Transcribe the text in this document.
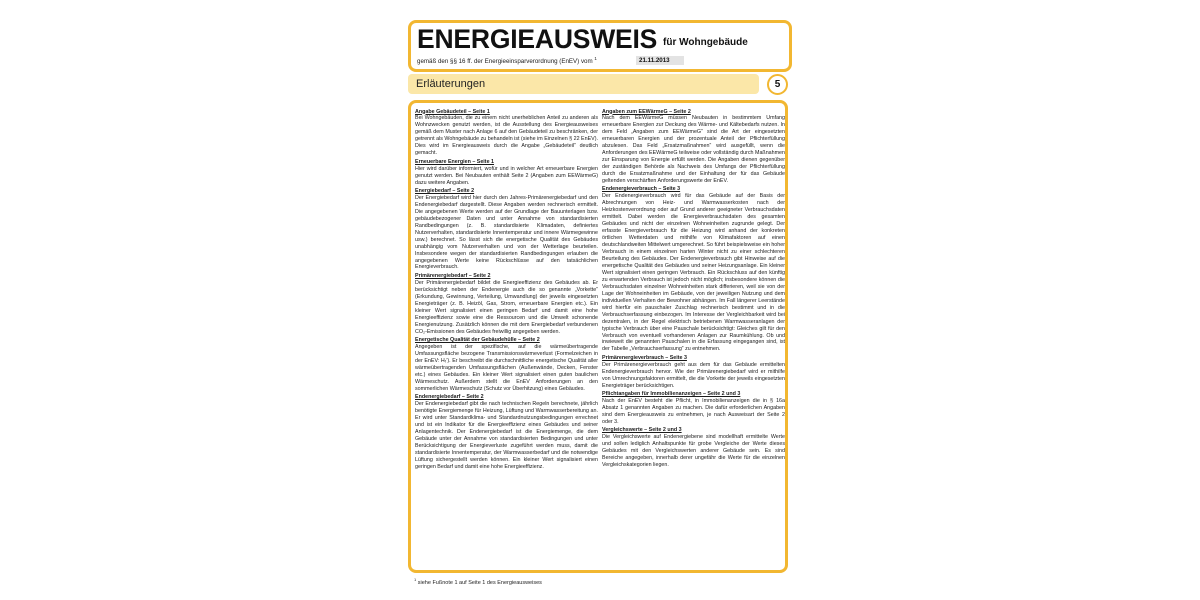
ENERGIEAUSWEIS für Wohngebäude
gemäß den §§ 16 ff. der Energieeinsparverordnung (EnEV) vom $^1$	21.11.2013
Erläuterungen	5
Angabe Gebäudeteil – Seite 1

Bei Wohngebäuden, die zu einem nicht unerheblichen Anteil zu anderen als Wohnzwecken genutzt werden, ist die Ausstellung des Energieausweises gemäß dem Muster nach Anlage 6 auf den Gebäudeteil zu beschränken, der getrennt als Wohngebäude zu behandeln ist (siehe im Einzelnen § 22 EnEV). Dies wird im Energieausweis durch die Angabe „Gebäudeteil“ deutlich gemacht.

Erneuerbare Energien – Seite 1

Hier wird darüber informiert, wofür und in welcher Art erneuerbare Energien genutzt werden. Bei Neubauten enthält Seite 2 (Angaben zum EEWärmeG) dazu weitere Angaben.

Energiebedarf – Seite 2

Der Energiebedarf wird hier durch den Jahres-Primärenergiebedarf und den Endenergiebedarf dargestellt. Diese Angaben werden rechnerisch ermittelt. Die angegebenen Werte werden auf der Grundlage der Bauunterlagen bzw. gebäudebezogener Daten und unter Annahme von standardisierten Randbedingungen (z. B. standardisierte Klimadaten, definiertes Nutzerverhalten, standardisierte Innentemperatur und innere Wärmegewinne usw.) berechnet. So lässt sich die energetische Qualität des Gebäudes unabhängig vom Nutzerverhalten und von der Wetterlage beurteilen. Insbesondere wegen der standardisierten Randbedingungen erlauben die angegebenen Werte keine Rückschlüsse auf den tatsächlichen Energieverbrauch.

Primärenergiebedarf – Seite 2

Der Primärenergiebedarf bildet die Energieeffizienz des Gebäudes ab. Er berücksichtigt neben der Endenergie auch die so genannte „Vorkette“ (Erkundung, Gewinnung, Verteilung, Umwandlung) der jeweils eingesetzten Energieträger (z. B. Heizöl, Gas, Strom, erneuerbare Energien etc.). Ein kleiner Wert signalisiert einen geringen Bedarf und damit eine hohe Energieeffizienz sowie eine die Ressourcen und die Umwelt schonende Energienutzung. Zusätzlich können die mit dem Energiebedarf verbundenen CO₂-Emissionen des Gebäudes freiwillig angegeben werden.

Energetische Qualität der Gebäudehülle – Seite 2

Angegeben ist der spezifische, auf die wärmeübertragende Umfassungsfläche bezogene Transmissionswärmeverlust (Formelzeichen in der EnEV: Hₜ′). Er beschreibt die durchschnittliche energetische Qualität aller wärmeübertragenden Umfassungsflächen (Außenwände, Decken, Fenster etc.) eines Gebäudes. Ein kleiner Wert signalisiert einen guten baulichen Wärmeschutz. Außerdem stellt die EnEV Anforderungen an den sommerlichen Wärmeschutz (Schutz vor Überhitzung) eines Gebäudes.

Endenergiebedarf – Seite 2

Der Endenergiebedarf gibt die nach technischen Regeln berechnete, jährlich benötigte Energiemenge für Heizung, Lüftung und Warmwasserbereitung an. Er wird unter Standardklima- und Standardnutzungsbedingungen errechnet und ist ein Indikator für die Energieeffizienz eines Gebäudes und seiner Anlagentechnik. Der Endenergiebedarf ist die Energiemenge, die dem Gebäude unter der Annahme von standardisierten Bedingungen und unter Berücksichtigung der Energieverluste zugeführt werden muss, damit die standardisierte Innentemperatur, der Warmwasserbedarf und die notwendige Lüftung sichergestellt werden können. Ein kleiner Wert signalisiert einen geringen Bedarf und damit eine hohe Energieeffizienz.

Angaben zum EEWärmeG – Seite 2

Nach dem EEWärmeG müssen Neubauten in bestimmtem Umfang erneuerbare Energien zur Deckung des Wärme- und Kältebedarfs nutzen. In dem Feld „Angaben zum EEWärmeG“ sind die Art der eingesetzten erneuerbaren Energien und der prozentuale Anteil der Pflichterfüllung abzulesen. Das Feld „Ersatzmaßnahmen“ wird ausgefüllt, wenn die Anforderungen des EEWärmeG teilweise oder vollständig durch Maßnahmen zur Einsparung von Energie erfüllt werden. Die Angaben dienen gegenüber der zuständigen Behörde als Nachweis des Umfangs der Pflichterfüllung durch die Ersatzmaßnahme und der Einhaltung der für das Gebäude geltenden verschärften Anforderungswerte der EnEV.

Endenergieverbrauch – Seite 3

Der Endenergieverbrauch wird für das Gebäude auf der Basis der Abrechnungen von Heiz- und Warmwasserkosten nach der Heizkostenverordnung oder auf Grund anderer geeigneter Verbrauchsdaten ermittelt. Dabei werden die Energieverbrauchsdaten des gesamten Gebäudes und nicht der einzelnen Wohneinheiten zugrunde gelegt. Der erfasste Energieverbrauch für die Heizung wird anhand der konkreten örtlichen Wetterdaten und mithilfe von Klimafaktoren auf einen deutschlandweiten Mittelwert umgerechnet. So führt beispielsweise ein hoher Verbrauch in einem einzelnen harten Winter nicht zu einer schlechteren Beurteilung des Gebäudes. Der Endenergieverbrauch gibt Hinweise auf die energetische Qualität des Gebäudes und seiner Heizungsanlage. Ein kleiner Wert signalisiert einen geringen Verbrauch. Ein Rückschluss auf den künftig zu erwartenden Verbrauch ist jedoch nicht möglich; insbesondere können die Verbrauchsdaten einzelner Wohneinheiten stark differieren, weil sie von der Lage der Wohneinheiten im Gebäude, von der jeweiligen Nutzung und dem individuellen Verhalten der Bewohner abhängen. Im Fall längerer Leerstände wird hierfür ein pauschaler Zuschlag rechnerisch bestimmt und in die Verbrauchserfassung einbezogen. Im Interesse der Vergleichbarkeit wird bei dezentralen, in der Regel elektrisch betriebenen Warmwasseranlagen der typische Verbrauch über eine Pauschale berücksichtigt: Gleiches gilt für den Verbrauch von eventuell vorhandenen Anlagen zur Raumkühlung. Ob und inwieweit die genannten Pauschalen in die Erfassung eingegangen sind, ist der Tabelle „Verbrauchserfassung“ zu entnehmen.

Primärenergieverbrauch – Seite 3

Der Primärenergieverbrauch geht aus dem für das Gebäude ermittelten Endenergieverbrauch hervor. Wie der Primärenergiebedarf wird er mithilfe von Umrechnungsfaktoren ermittelt, die die Vorkette der jeweils eingesetzten Energieträger berücksichtigen.

Pflichtangaben für Immobilienanzeigen – Seite 2 und 3

Nach der EnEV besteht die Pflicht, in Immobilienanzeigen die in § 16a Absatz 1 genannten Angaben zu machen. Die dafür erforderlichen Angaben sind dem Energieausweis zu entnehmen, je nach Ausweisart der Seite 2 oder 3.

Vergleichswerte – Seite 2 und 3

Die Vergleichswerte auf Endenergiebene sind modellhaft ermittelte Werte und sollen lediglich Anhaltspunkte für grobe Vergleiche der Werte dieses Gebäudes mit den Vergleichswerten anderer Gebäude sein. Es sind Bereiche angegeben, innerhalb derer ungefähr die Werte für die einzelnen Vergleichskategorien liegen.

$^1$ siehe Fußnote 1 auf Seite 1 des Energieausweises
